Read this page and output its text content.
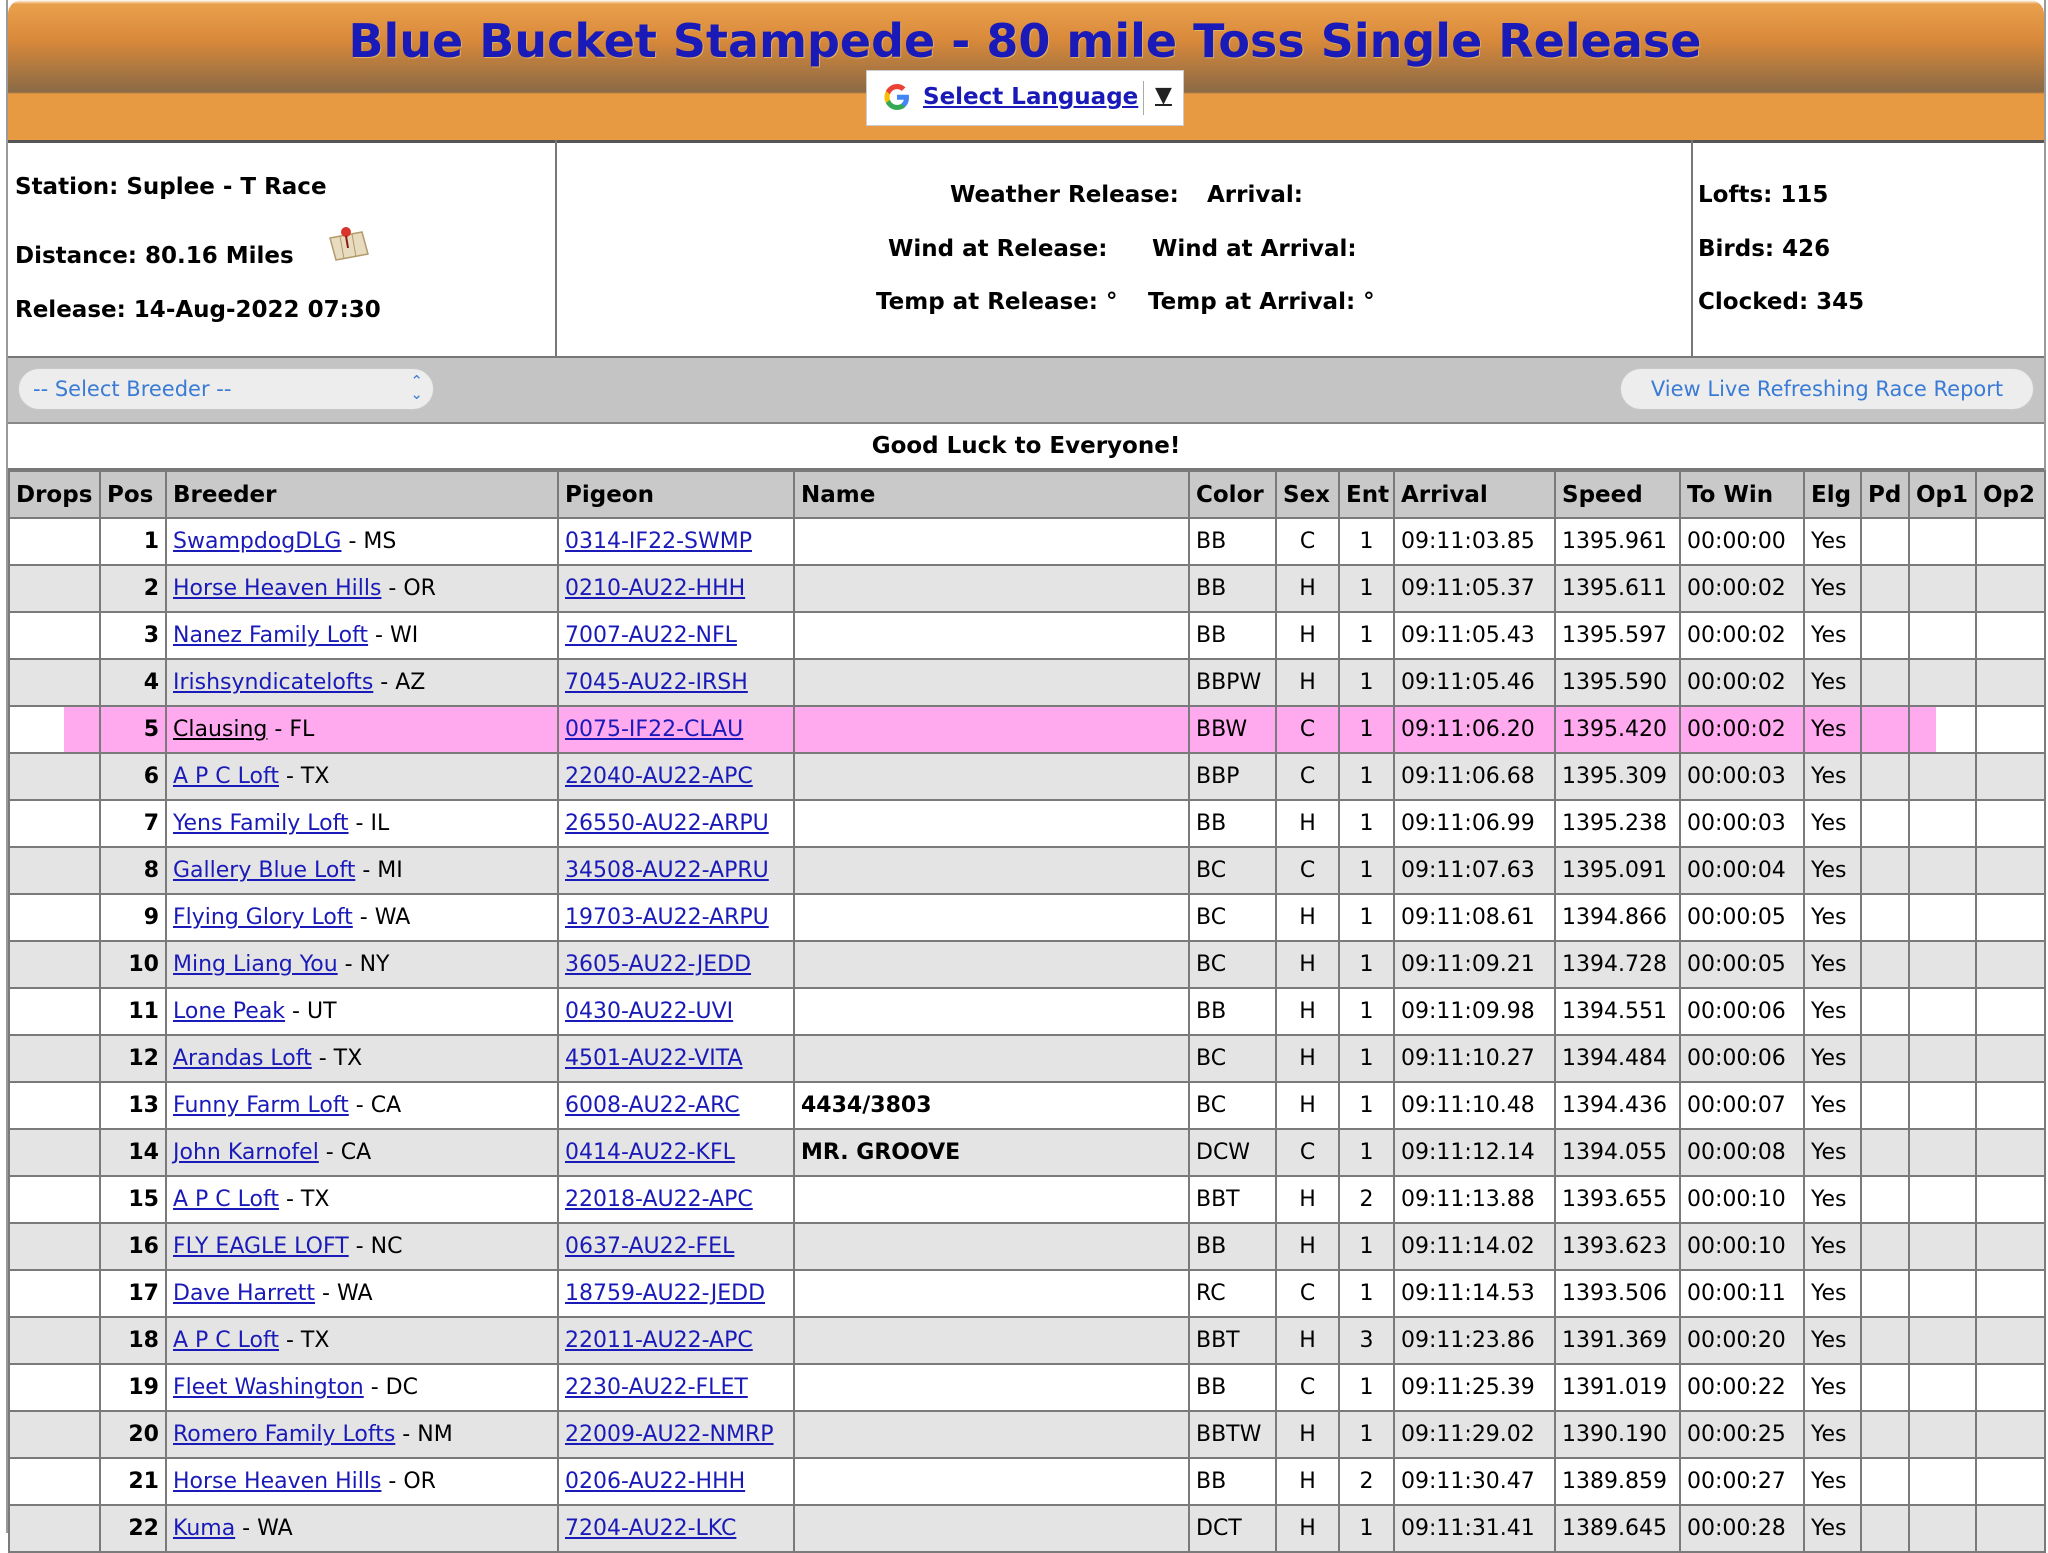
Blue Bucket Stampede - 80 mile Toss Single Release
Select Language ▼
Station: Suplee - T Race
Distance: 80.16 Miles
Release: 14-Aug-2022 07:30
Weather Release: Arrival:
Wind at Release: Wind at Arrival:
Temp at Release: ° Temp at Arrival: °
Lofts: 115
Birds: 426
Clocked: 345
-- Select Breeder --	⌃
⌄	View Live Refreshing Race Report
Good Luck to Everyone!
Drops	Pos	Breeder	Pigeon	Name	Color	Sex	Ent	Arrival	Speed	To Win	Elg	Pd	Op1	Op2
	1	SwampdogDLG - MS	0314-IF22-SWMP		BB	C	1	09:11:03.85	1395.961	00:00:00	Yes			
	2	Horse Heaven Hills - OR	0210-AU22-HHH		BB	H	1	09:11:05.37	1395.611	00:00:02	Yes			
	3	Nanez Family Loft - WI	7007-AU22-NFL		BB	H	1	09:11:05.43	1395.597	00:00:02	Yes			
	4	Irishsyndicatelofts - AZ	7045-AU22-IRSH		BBPW	H	1	09:11:05.46	1395.590	00:00:02	Yes			
	5	Clausing - FL	0075-IF22-CLAU		BBW	C	1	09:11:06.20	1395.420	00:00:02	Yes			
	6	A P C Loft - TX	22040-AU22-APC		BBP	C	1	09:11:06.68	1395.309	00:00:03	Yes			
	7	Yens Family Loft - IL	26550-AU22-ARPU		BB	H	1	09:11:06.99	1395.238	00:00:03	Yes			
	8	Gallery Blue Loft - MI	34508-AU22-APRU		BC	C	1	09:11:07.63	1395.091	00:00:04	Yes			
	9	Flying Glory Loft - WA	19703-AU22-ARPU		BC	H	1	09:11:08.61	1394.866	00:00:05	Yes			
	10	Ming Liang You - NY	3605-AU22-JEDD		BC	H	1	09:11:09.21	1394.728	00:00:05	Yes			
	11	Lone Peak - UT	0430-AU22-UVI		BB	H	1	09:11:09.98	1394.551	00:00:06	Yes			
	12	Arandas Loft - TX	4501-AU22-VITA		BC	H	1	09:11:10.27	1394.484	00:00:06	Yes			
	13	Funny Farm Loft - CA	6008-AU22-ARC	4434/3803	BC	H	1	09:11:10.48	1394.436	00:00:07	Yes			
	14	John Karnofel - CA	0414-AU22-KFL	MR. GROOVE	DCW	C	1	09:11:12.14	1394.055	00:00:08	Yes			
	15	A P C Loft - TX	22018-AU22-APC		BBT	H	2	09:11:13.88	1393.655	00:00:10	Yes			
	16	FLY EAGLE LOFT - NC	0637-AU22-FEL		BB	H	1	09:11:14.02	1393.623	00:00:10	Yes			
	17	Dave Harrett - WA	18759-AU22-JEDD		RC	C	1	09:11:14.53	1393.506	00:00:11	Yes			
	18	A P C Loft - TX	22011-AU22-APC		BBT	H	3	09:11:23.86	1391.369	00:00:20	Yes			
	19	Fleet Washington - DC	2230-AU22-FLET		BB	C	1	09:11:25.39	1391.019	00:00:22	Yes			
	20	Romero Family Lofts - NM	22009-AU22-NMRP		BBTW	H	1	09:11:29.02	1390.190	00:00:25	Yes			
	21	Horse Heaven Hills - OR	0206-AU22-HHH		BB	H	2	09:11:30.47	1389.859	00:00:27	Yes			
	22	Kuma - WA	7204-AU22-LKC		DCT	H	1	09:11:31.41	1389.645	00:00:28	Yes			
